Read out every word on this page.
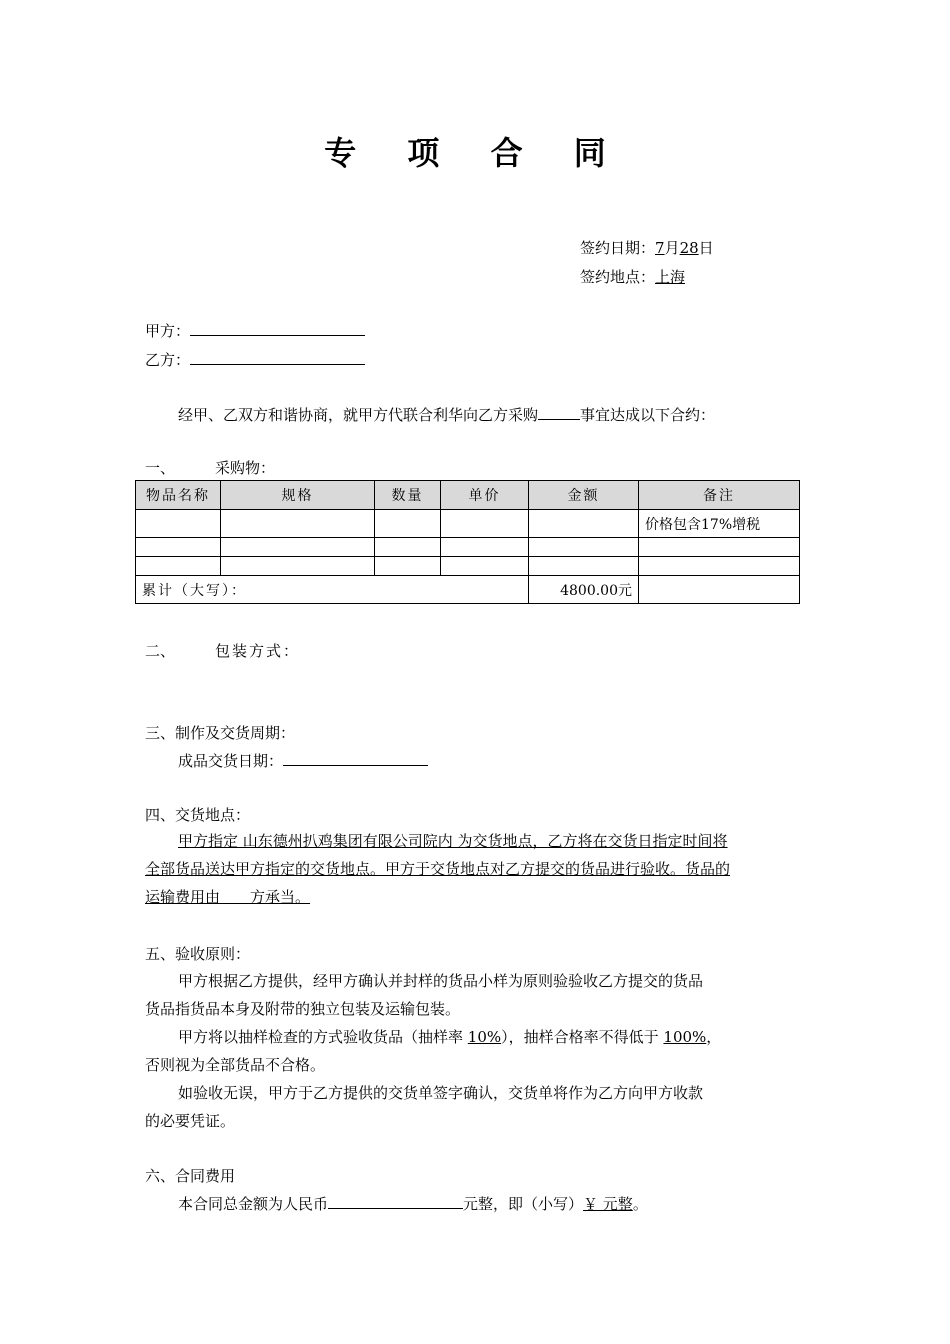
专 项 合 同
签约日期：7月28日
签约地点：上海
甲方：
乙方：
经甲、乙双方和谐协商，就甲方代联合利华向乙方采购	事宜达成以下合约：
一、	采购物：
物品名称	规格	数量	单价	金额	备注
					价格包含17%增税

累计（大写）：				4800.00元	
二、	包装方式：
三、制作及交货周期：
成品交货日期：
四、交货地点：
甲方指定 山东德州扒鸡集团有限公司院内 为交货地点，乙方将在交货日指定时间将
全部货品送达甲方指定的交货地点。甲方于交货地点对乙方提交的货品进行验收。货品的
运输费用由　　方承当。
五、验收原则：
甲方根据乙方提供，经甲方确认并封样的货品小样为原则验验收乙方提交的货品
货品指货品本身及附带的独立包装及运输包装。
甲方将以抽样检查的方式验收货品（抽样率 10%），抽样合格率不得低于 100%，
否则视为全部货品不合格。
如验收无误，甲方于乙方提供的交货单签字确认，交货单将作为乙方向甲方收款
的必要凭证。
六、合同费用
本合同总金额为人民币	元整，即（小写）￥ 元整。
